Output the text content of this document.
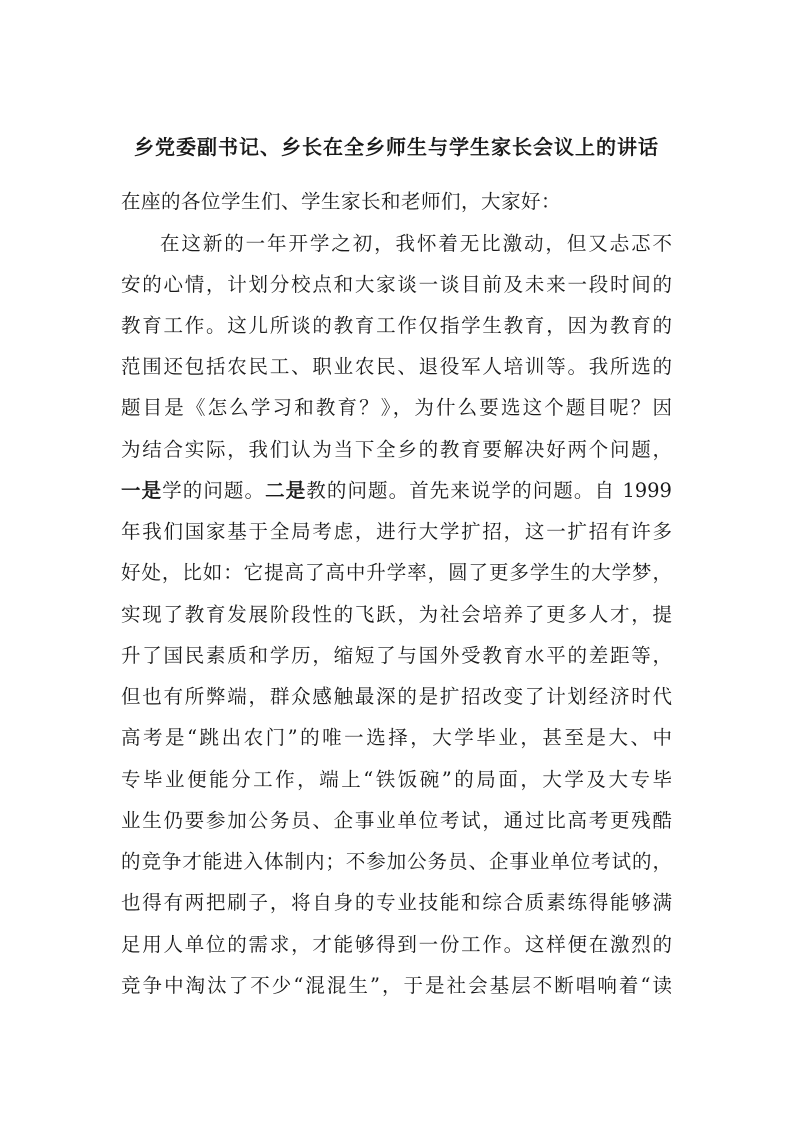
乡党委副书记、乡长在全乡师生与学生家长会议上的讲话

在座的各位学生们、学生家长和老师们，大家好：

在这新的一年开学之初，我怀着无比激动，但又忐忑不

安的心情，计划分校点和大家谈一谈目前及未来一段时间的

教育工作。这儿所谈的教育工作仅指学生教育，因为教育的

范围还包括农民工、职业农民、退役军人培训等。我所选的

题目是《怎么学习和教育？》，为什么要选这个题目呢？因

为结合实际，我们认为当下全乡的教育要解决好两个问题，

一是学的问题。二是教的问题。首先来说学的问题。自 1999

年我们国家基于全局考虑，进行大学扩招，这一扩招有许多

好处，比如：它提高了高中升学率，圆了更多学生的大学梦，

实现了教育发展阶段性的飞跃，为社会培养了更多人才，提

升了国民素质和学历，缩短了与国外受教育水平的差距等，

但也有所弊端，群众感触最深的是扩招改变了计划经济时代

高考是“跳出农门”的唯一选择，大学毕业，甚至是大、中

专毕业便能分工作，端上“铁饭碗”的局面，大学及大专毕

业生仍要参加公务员、企事业单位考试，通过比高考更残酷

的竞争才能进入体制内；不参加公务员、企事业单位考试的，

也得有两把刷子，将自身的专业技能和综合质素练得能够满

足用人单位的需求，才能够得到一份工作。这样便在激烈的

竞争中淘汰了不少“混混生”，于是社会基层不断唱响着“读
